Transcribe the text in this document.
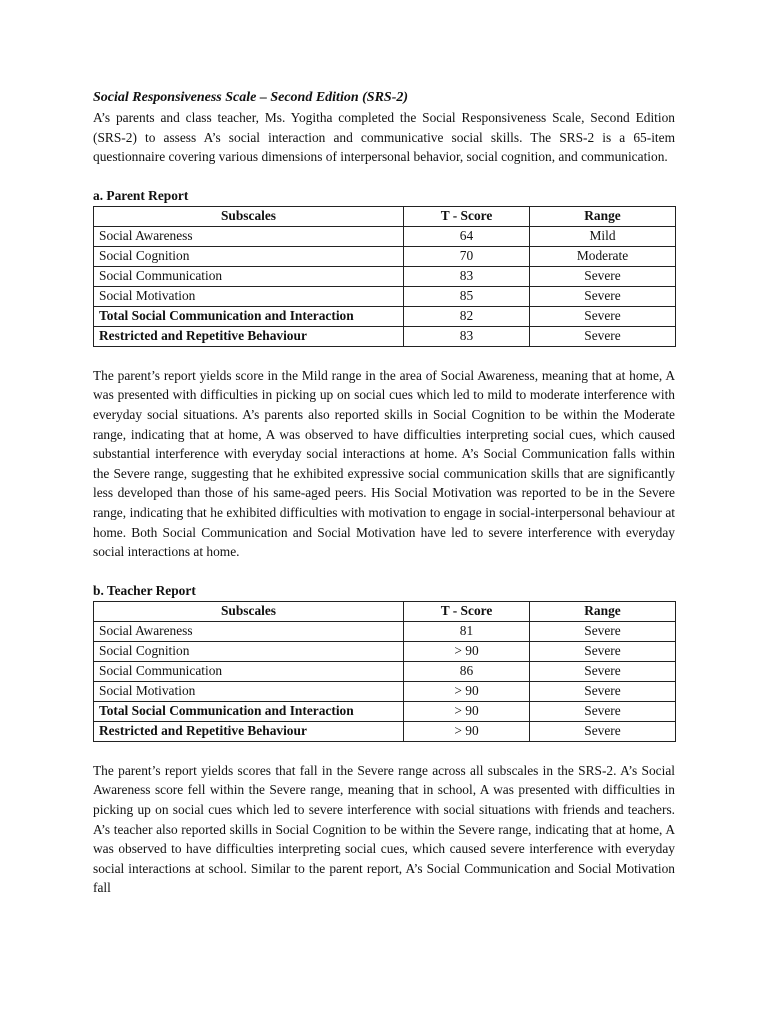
Social Responsiveness Scale – Second Edition (SRS-2)

A’s parents and class teacher, Ms. Yogitha completed the Social Responsiveness Scale, Second Edition (SRS-2) to assess A’s social interaction and communicative social skills. The SRS-2 is a 65-item questionnaire covering various dimensions of interpersonal behavior, social cognition, and communication.

a. Parent Report
Subscales	T - Score	Range
Social Awareness	64	Mild
Social Cognition	70	Moderate
Social Communication	83	Severe
Social Motivation	85	Severe
Total Social Communication and Interaction	82	Severe
Restricted and Repetitive Behaviour	83	Severe

The parent’s report yields score in the Mild range in the area of Social Awareness, meaning that at home, A was presented with difficulties in picking up on social cues which led to mild to moderate interference with everyday social situations. A’s parents also reported skills in Social Cognition to be within the Moderate range, indicating that at home, A was observed to have difficulties interpreting social cues, which caused substantial interference with everyday social interactions at home. A’s Social Communication falls within the Severe range, suggesting that he exhibited expressive social communication skills that are significantly less developed than those of his same-aged peers. His Social Motivation was reported to be in the Severe range, indicating that he exhibited difficulties with motivation to engage in social-interpersonal behaviour at home. Both Social Communication and Social Motivation have led to severe interference with everyday social interactions at home.

b. Teacher Report
Subscales	T - Score	Range
Social Awareness	81	Severe
Social Cognition	> 90	Severe
Social Communication	86	Severe
Social Motivation	> 90	Severe
Total Social Communication and Interaction	> 90	Severe
Restricted and Repetitive Behaviour	> 90	Severe

The parent’s report yields scores that fall in the Severe range across all subscales in the SRS-2. A’s Social Awareness score fell within the Severe range, meaning that in school, A was presented with difficulties in picking up on social cues which led to severe interference with social situations with friends and teachers. A’s teacher also reported skills in Social Cognition to be within the Severe range, indicating that at home, A was observed to have difficulties interpreting social cues, which caused severe interference with everyday social interactions at school. Similar to the parent report, A’s Social Communication and Social Motivation fall
